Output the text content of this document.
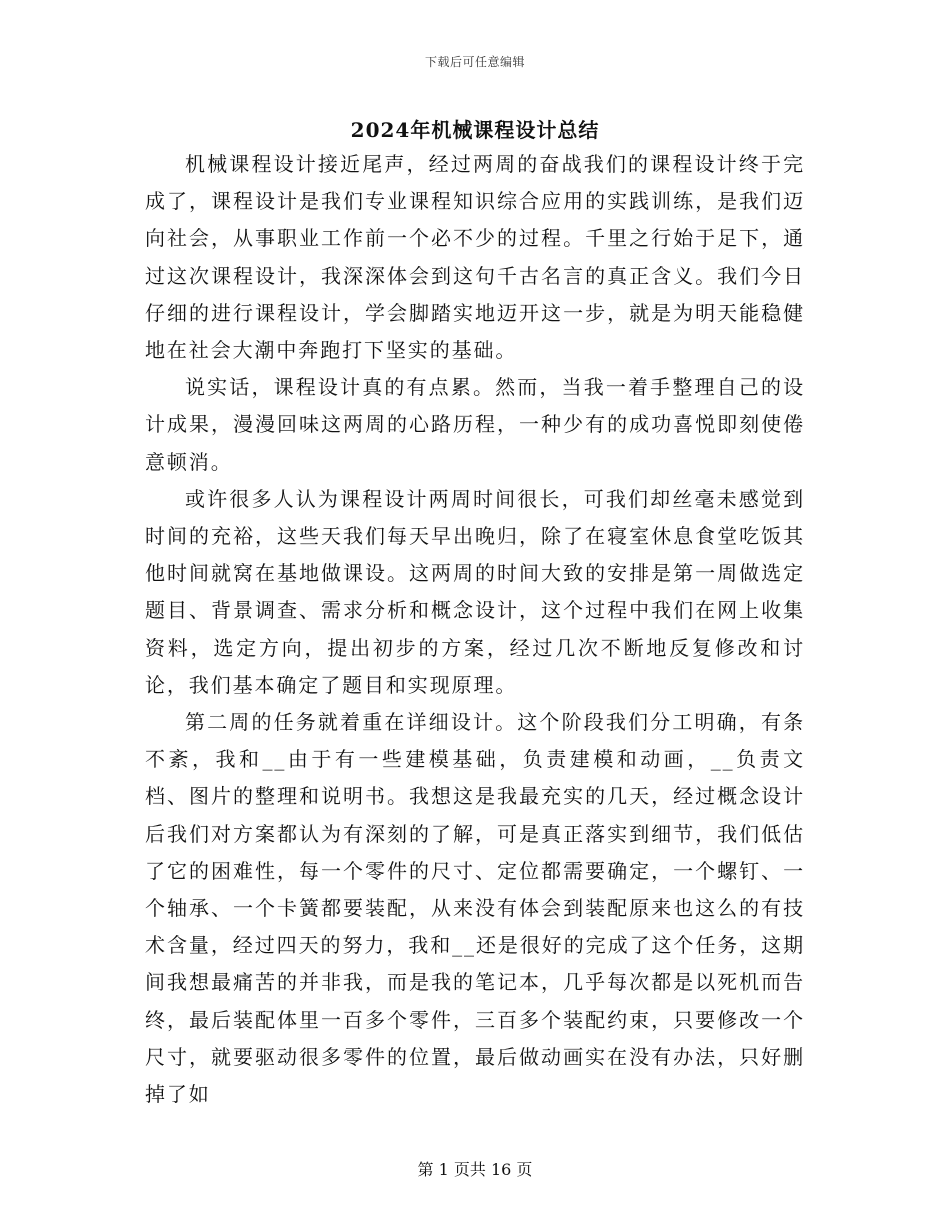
下载后可任意编辑
2024年机械课程设计总结

机械课程设计接近尾声，经过两周的奋战我们的课程设计终于完成了，课程设计是我们专业课程知识综合应用的实践训练，是我们迈向社会，从事职业工作前一个必不少的过程。千里之行始于足下，通过这次课程设计，我深深体会到这句千古名言的真正含义。我们今日仔细的进行课程设计，学会脚踏实地迈开这一步，就是为明天能稳健地在社会大潮中奔跑打下坚实的基础。

说实话，课程设计真的有点累。然而，当我一着手整理自己的设计成果，漫漫回味这两周的心路历程，一种少有的成功喜悦即刻使倦意顿消。

或许很多人认为课程设计两周时间很长，可我们却丝毫未感觉到时间的充裕，这些天我们每天早出晚归，除了在寝室休息食堂吃饭其他时间就窝在基地做课设。这两周的时间大致的安排是第一周做选定题目、背景调查、需求分析和概念设计，这个过程中我们在网上收集资料，选定方向，提出初步的方案，经过几次不断地反复修改和讨论，我们基本确定了题目和实现原理。

第二周的任务就着重在详细设计。这个阶段我们分工明确，有条不紊，我和__由于有一些建模基础，负责建模和动画，__负责文档、图片的整理和说明书。我想这是我最充实的几天，经过概念设计后我们对方案都认为有深刻的了解，可是真正落实到细节，我们低估了它的困难性，每一个零件的尺寸、定位都需要确定，一个螺钉、一个轴承、一个卡簧都要装配，从来没有体会到装配原来也这么的有技术含量，经过四天的努力，我和__还是很好的完成了这个任务，这期间我想最痛苦的并非我，而是我的笔记本，几乎每次都是以死机而告终，最后装配体里一百多个零件，三百多个装配约束，只要修改一个尺寸，就要驱动很多零件的位置，最后做动画实在没有办法，只好删掉了如

第 1 页共 16 页
